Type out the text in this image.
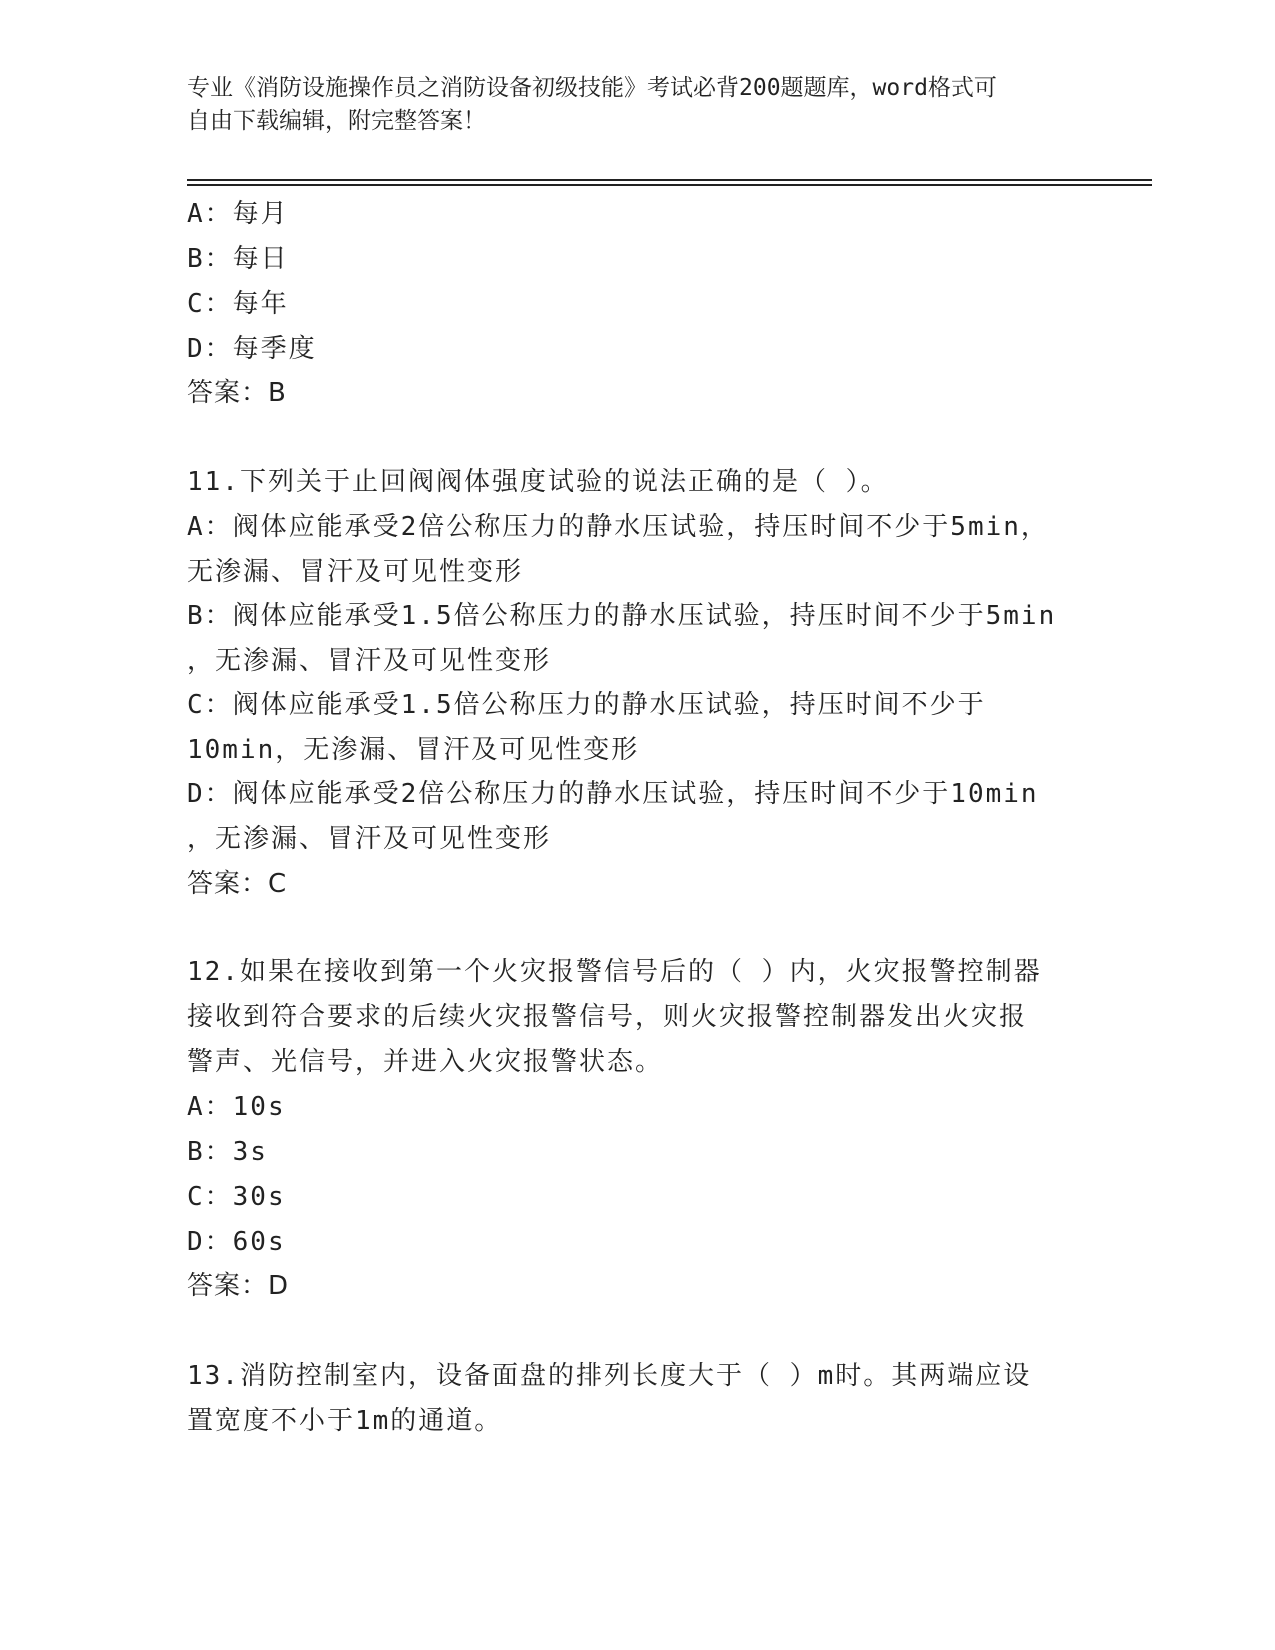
专业《消防设施操作员之消防设备初级技能》考试必背200题题库，word格式可
自由下载编辑，附完整答案！
A：每月
B：每日
C：每年
D：每季度
答案：B
11.下列关于止回阀阀体强度试验的说法正确的是（ ）。
A：阀体应能承受2倍公称压力的静水压试验，持压时间不少于5min，
无渗漏、冒汗及可见性变形
B：阀体应能承受1.5倍公称压力的静水压试验，持压时间不少于5min
，无渗漏、冒汗及可见性变形
C：阀体应能承受1.5倍公称压力的静水压试验，持压时间不少于
10min，无渗漏、冒汗及可见性变形
D：阀体应能承受2倍公称压力的静水压试验，持压时间不少于10min
，无渗漏、冒汗及可见性变形
答案：C
12.如果在接收到第一个火灾报警信号后的（ ）内，火灾报警控制器
接收到符合要求的后续火灾报警信号，则火灾报警控制器发出火灾报
警声、光信号，并进入火灾报警状态。
A：10s
B：3s
C：30s
D：60s
答案：D
13.消防控制室内，设备面盘的排列长度大于（ ）m时。其两端应设
置宽度不小于1m的通道。
